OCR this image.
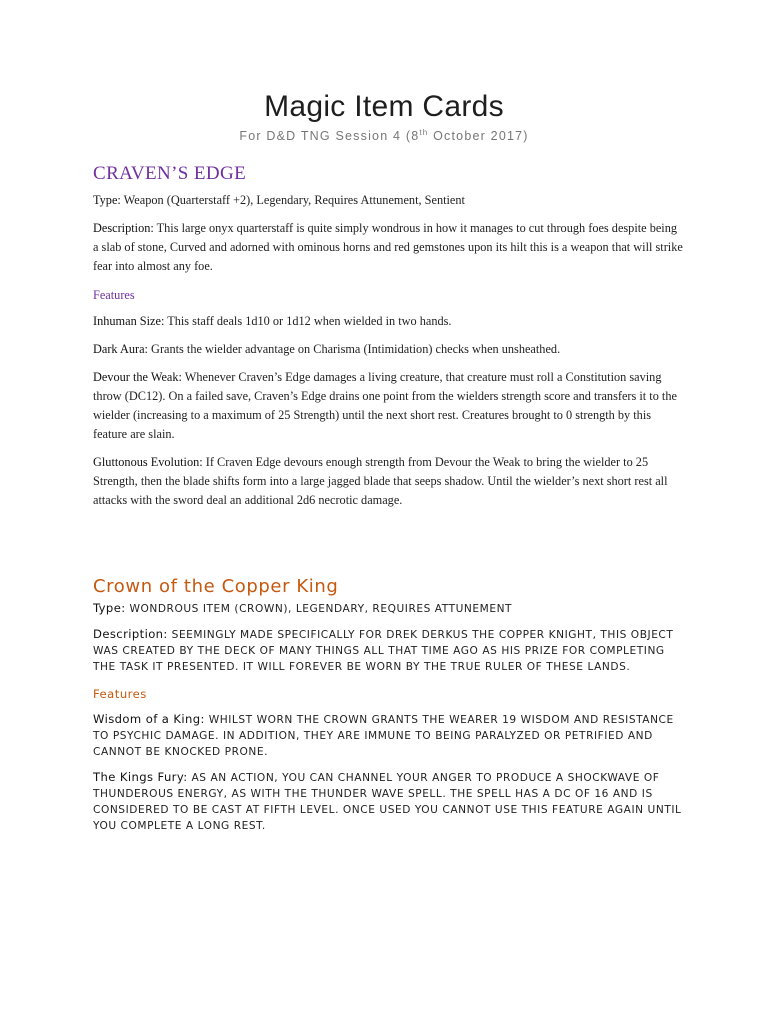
Magic Item Cards
For D&D TNG Session 4 (8th October 2017)
CRAVEN’S EDGE

Type: Weapon (Quarterstaff +2), Legendary, Requires Attunement, Sentient

Description: This large onyx quarterstaff is quite simply wondrous in how it manages to cut through foes despite being a slab of stone, Curved and adorned with ominous horns and red gemstones upon its hilt this is a weapon that will strike fear into almost any foe.

Features

Inhuman Size: This staff deals 1d10 or 1d12 when wielded in two hands.

Dark Aura: Grants the wielder advantage on Charisma (Intimidation) checks when unsheathed.

Devour the Weak: Whenever Craven’s Edge damages a living creature, that creature must roll a Constitution saving throw (DC12). On a failed save, Craven’s Edge drains one point from the wielders strength score and transfers it to the wielder (increasing to a maximum of 25 Strength) until the next short rest. Creatures brought to 0 strength by this feature are slain.

Gluttonous Evolution: If Craven Edge devours enough strength from Devour the Weak to bring the wielder to 25 Strength, then the blade shifts form into a large jagged blade that seeps shadow. Until the wielder’s next short rest all attacks with the sword deal an additional 2d6 necrotic damage.

Crown of the Copper King

Type: WONDROUS ITEM (CROWN), LEGENDARY, REQUIRES ATTUNEMENT

Description: SEEMINGLY MADE SPECIFICALLY FOR DREK DERKUS THE COPPER KNIGHT, THIS OBJECT WAS CREATED BY THE DECK OF MANY THINGS ALL THAT TIME AGO AS HIS PRIZE FOR COMPLETING THE TASK IT PRESENTED. IT WILL FOREVER BE WORN BY THE TRUE RULER OF THESE LANDS.

Features

Wisdom of a King: WHILST WORN THE CROWN GRANTS THE WEARER 19 WISDOM AND RESISTANCE TO PSYCHIC DAMAGE. IN ADDITION, THEY ARE IMMUNE TO BEING PARALYZED OR PETRIFIED AND CANNOT BE KNOCKED PRONE.

The Kings Fury: AS AN ACTION, YOU CAN CHANNEL YOUR ANGER TO PRODUCE A SHOCKWAVE OF THUNDEROUS ENERGY, AS WITH THE THUNDER WAVE SPELL. THE SPELL HAS A DC OF 16 AND IS CONSIDERED TO BE CAST AT FIFTH LEVEL. ONCE USED YOU CANNOT USE THIS FEATURE AGAIN UNTIL YOU COMPLETE A LONG REST.
